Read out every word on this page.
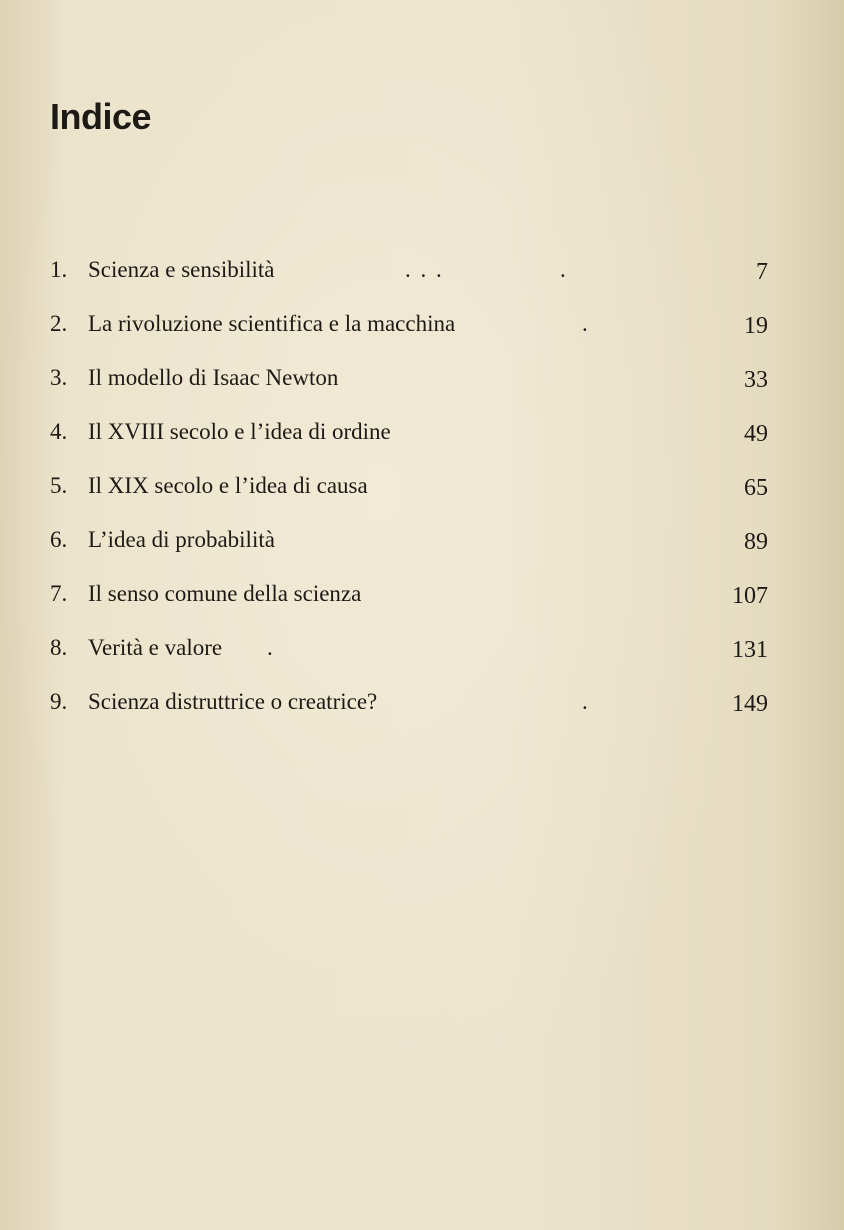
Indice
1. Scienza e sensibilità	. . .               .	7
2. La rivoluzione scientifica e la macchina	.	19
3. Il modello di Isaac Newton	33
4. Il XVIII secolo e l’idea di ordine	49
5. Il XIX secolo e l’idea di causa	65
6. L’idea di probabilità	89
7. Il senso comune della scienza	107
8. Verità e valore .	131
9. Scienza distruttrice o creatrice?	.	149
